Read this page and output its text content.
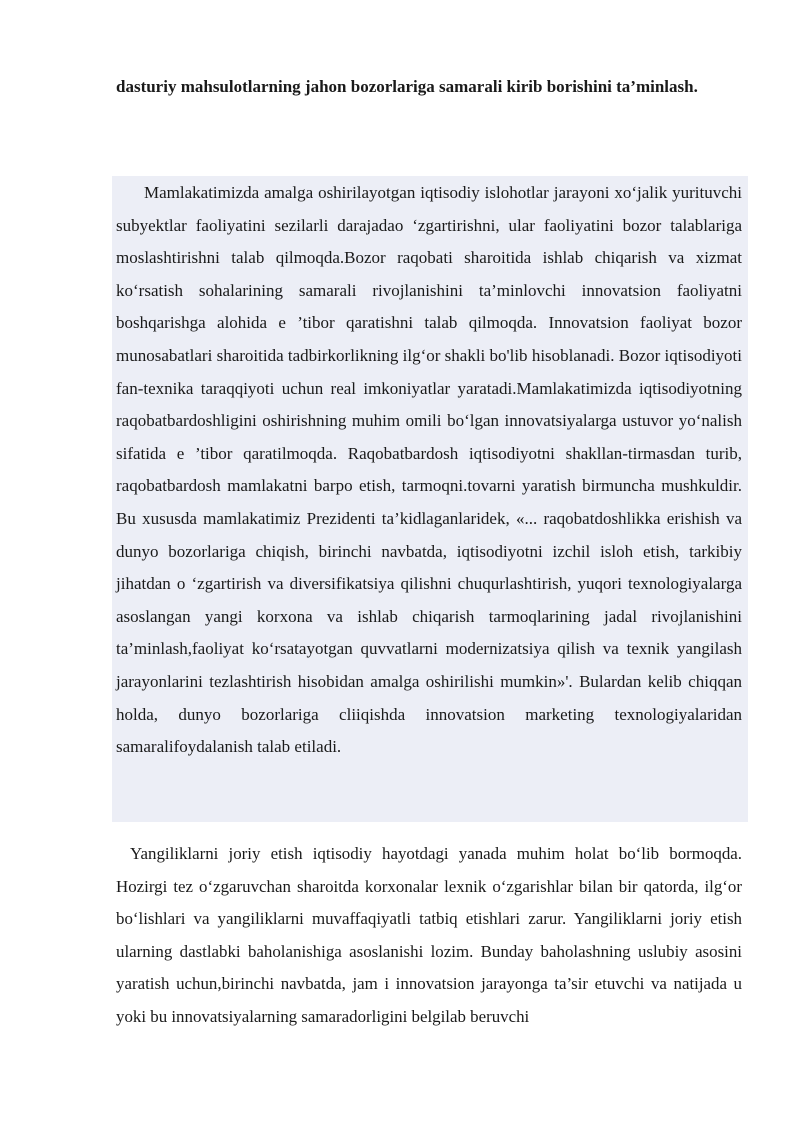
dasturiy mahsulotlarning jahon bozorlariga samarali kirib borishini ta’minlash.

Mamlakatimizda amalga oshirilayotgan iqtisodiy islohotlar jarayoni xo‘jalik yurituvchi subyektlar faoliyatini sezilarli darajadao ‘zgartirishni, ular faoliyatini bozor talablariga moslashtirishni talab qilmoqda.Bozor raqobati sharoitida ishlab chiqarish va xizmat ko‘rsatish sohalarining samarali rivojlanishini ta’minlovchi innovatsion faoliyatni boshqarishga alohida e ’tibor qaratishni talab qilmoqda. Innovatsion faoliyat bozor munosabatlari sharoitida tadbirkorlikning ilg‘or shakli bo'lib hisoblanadi. Bozor iqtisodiyoti fan-texnika taraqqiyoti uchun real imkoniyatlar yaratadi.Mamlakatimizda iqtisodiyotning raqobatbardoshligini oshirishning muhim omili bo‘lgan innovatsiyalarga ustuvor yo‘nalish sifatida e ’tibor qaratilmoqda. Raqobatbardosh iqtisodiyotni shakllan-tirmasdan turib, raqobatbardosh mamlakatni barpo etish, tarmoqni.tovarni yaratish birmuncha mushkuldir. Bu xususda mamlakatimiz Prezidenti ta’kidlaganlaridek, «... raqobatdoshlikka erishish va dunyo bozorlariga chiqish, birinchi navbatda, iqtisodiyotni izchil isloh etish, tarkibiy jihatdan o ‘zgartirish va diversifikatsiya qilishni chuqurlashtirish, yuqori texnologiyalarga asoslangan yangi korxona va ishlab chiqarish tarmoqlarining jadal rivojlanishini ta’minlash,faoliyat ko‘rsatayotgan quvvatlarni modernizatsiya qilish va texnik yangilash jarayonlarini tezlashtirish hisobidan amalga oshirilishi mumkin»'. Bulardan kelib chiqqan holda, dunyo bozorlariga cliiqishda innovatsion marketing texnologiyalaridan samaralifoydalanish talab etiladi.

Yangiliklarni joriy etish iqtisodiy hayotdagi yanada muhim holat bo‘lib bormoqda. Hozirgi tez o‘zgaruvchan sharoitda korxonalar lexnik o‘zgarishlar bilan bir qatorda, ilg‘or bo‘lishlari va yangiliklarni muvaffaqiyatli tatbiq etishlari zarur. Yangiliklarni joriy etish ularning dastlabki baholanishiga asoslanishi lozim. Bunday baholashning uslubiy asosini yaratish uchun,birinchi navbatda, jam i innovatsion jarayonga ta’sir etuvchi va natijada u yoki bu innovatsiyalarning samaradorligini belgilab beruvchi
